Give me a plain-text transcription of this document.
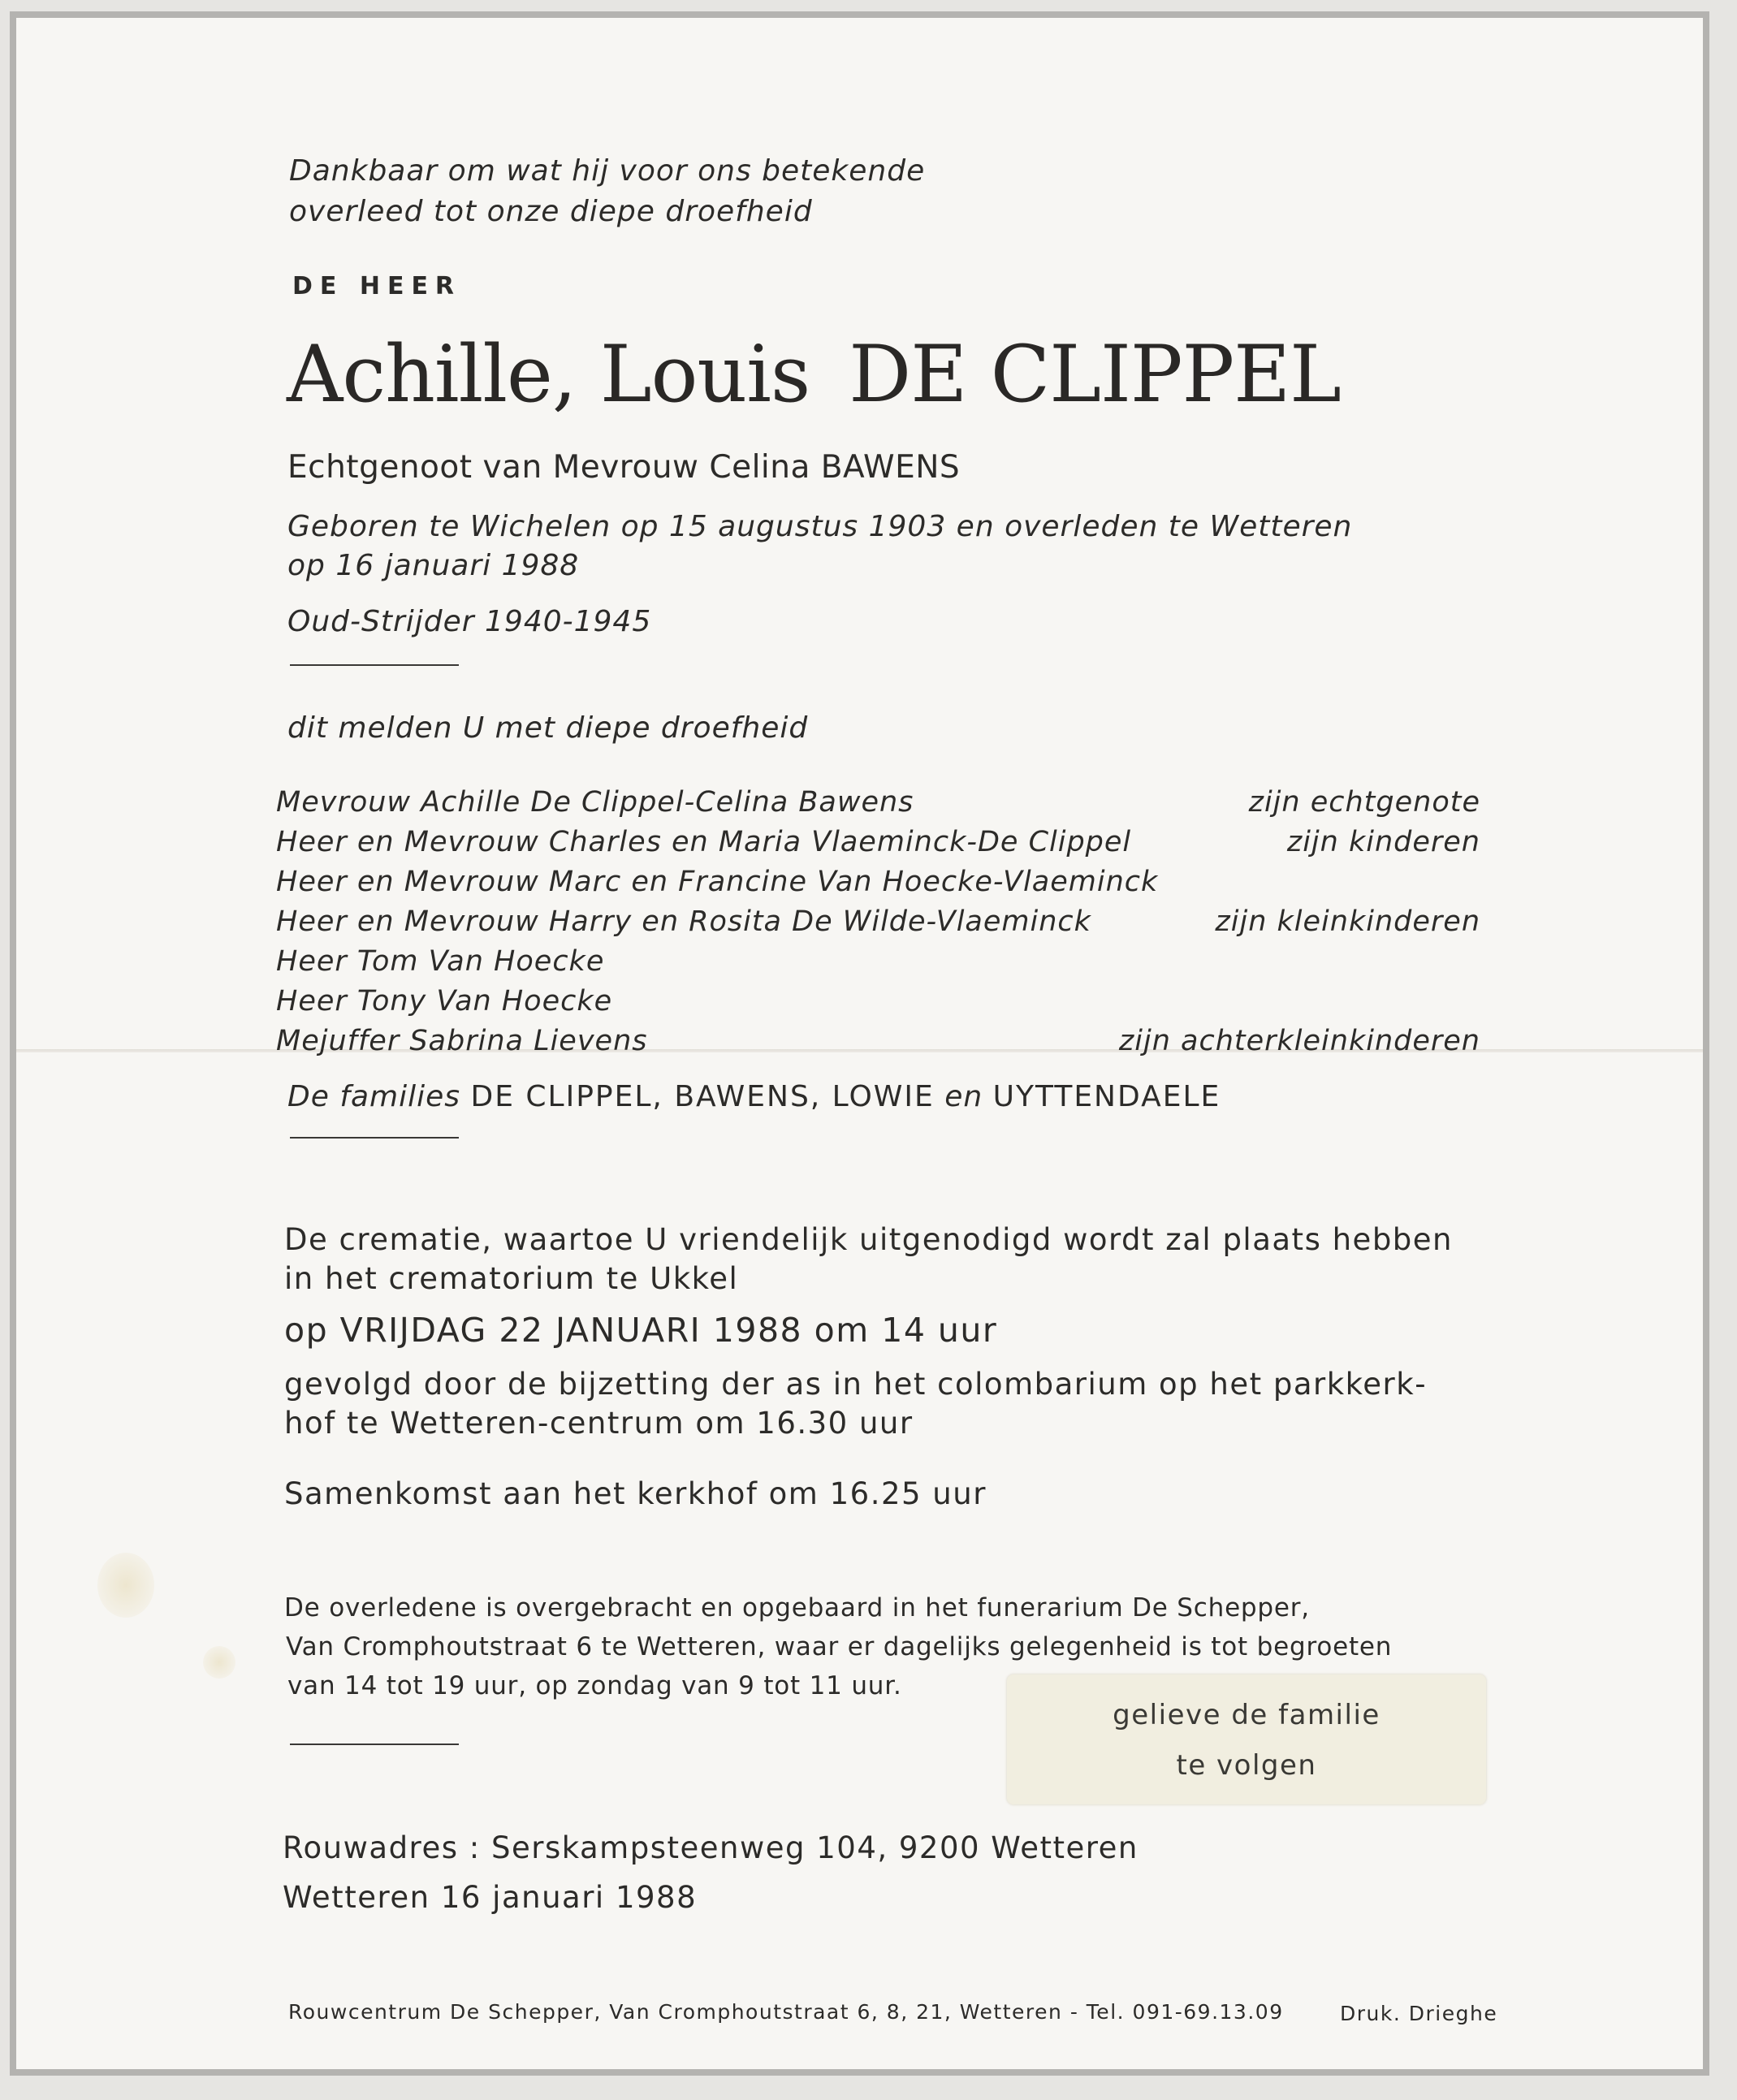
Dankbaar om wat hij voor ons betekende
overleed tot onze diepe droefheid
DE HEER
Achille, Louis DE CLIPPEL
Echtgenoot van Mevrouw Celina BAWENS
Geboren te Wichelen op 15 augustus 1903 en overleden te Wetteren
op 16 januari 1988
Oud-Strijder 1940-1945
dit melden U met diepe droefheid
Mevrouw Achille De Clippel-Celina Bawens	zijn echtgenote
Heer en Mevrouw Charles en Maria Vlaeminck-De Clippel	zijn kinderen
Heer en Mevrouw Marc en Francine Van Hoecke-Vlaeminck
Heer en Mevrouw Harry en Rosita De Wilde-Vlaeminck	zijn kleinkinderen
Heer Tom Van Hoecke
Heer Tony Van Hoecke
Mejuffer Sabrina Lievens	zijn achterkleinkinderen
De families DE CLIPPEL, BAWENS, LOWIE en UYTTENDAELE
De crematie, waartoe U vriendelijk uitgenodigd wordt zal plaats hebben
in het crematorium te Ukkel
op VRIJDAG 22 JANUARI 1988 om 14 uur
gevolgd door de bijzetting der as in het colombarium op het parkkerk-
hof te Wetteren-centrum om 16.30 uur
Samenkomst aan het kerkhof om 16.25 uur
De overledene is overgebracht en opgebaard in het funerarium De Schepper,
Van Cromphoutstraat 6 te Wetteren, waar er dagelijks gelegenheid is tot begroeten
van 14 tot 19 uur, op zondag van 9 tot 11 uur.
gelieve de familie
te volgen
Rouwadres : Serskampsteenweg 104, 9200 Wetteren
Wetteren 16 januari 1988
Rouwcentrum De Schepper, Van Cromphoutstraat 6, 8, 21, Wetteren - Tel. 091-69.13.09	Druk. Drieghe
